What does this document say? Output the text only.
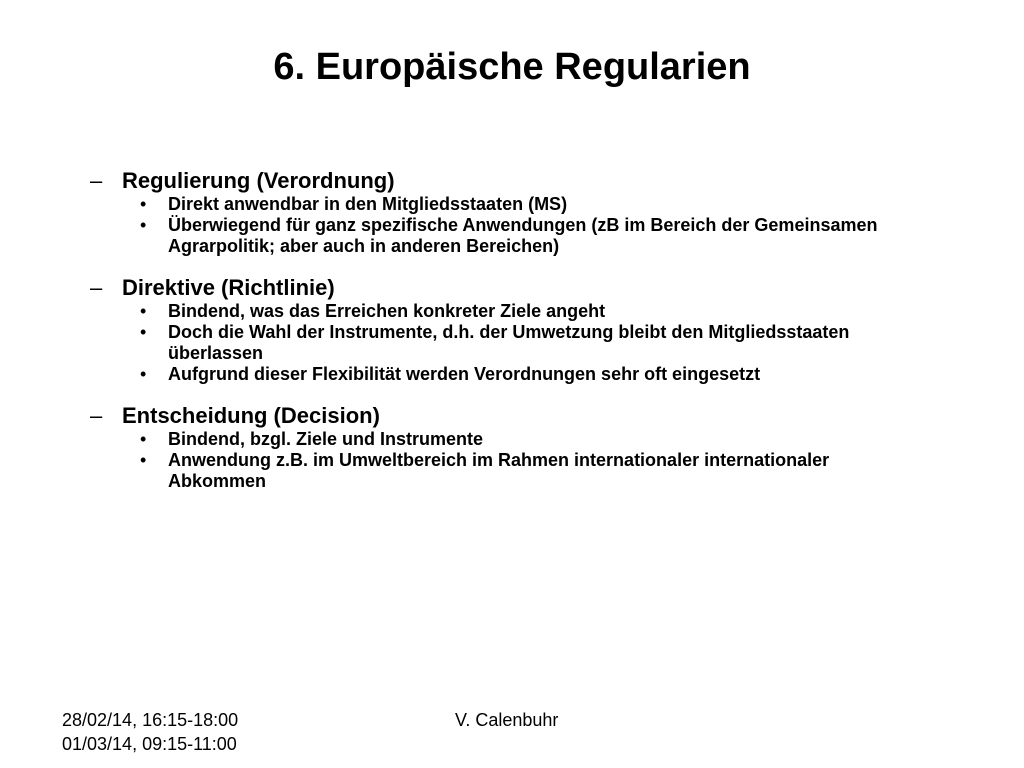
6. Europäische Regularien
– Regulierung (Verordnung)
•	Direkt anwendbar in den Mitgliedsstaaten (MS)
•	Überwiegend für ganz spezifische Anwendungen (zB im Bereich der Gemeinsamen Agrarpolitik; aber auch in anderen Bereichen)
– Direktive (Richtlinie)
•	Bindend, was das Erreichen konkreter Ziele angeht
•	Doch die Wahl der Instrumente, d.h. der Umwetzung bleibt den Mitgliedsstaaten überlassen
•	Aufgrund dieser Flexibilität werden Verordnungen sehr oft eingesetzt
– Entscheidung (Decision)
•	Bindend, bzgl. Ziele und Instrumente
•	Anwendung z.B. im Umweltbereich im Rahmen internationaler internationaler Abkommen
28/02/14, 16:15-18:00
01/03/14, 09:15-11:00
V. Calenbuhr
